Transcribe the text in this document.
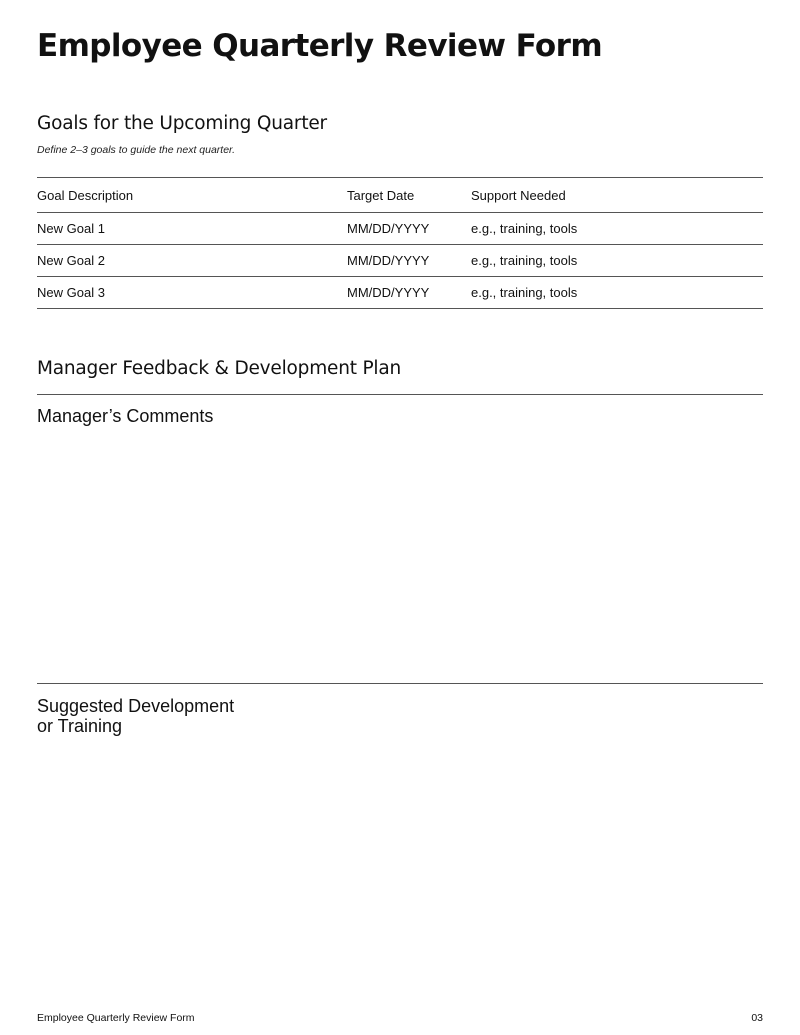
Employee Quarterly Review Form
Goals for the Upcoming Quarter

Define 2–3 goals to guide the next quarter.

Goal Description	Target Date	Support Needed
New Goal 1	MM/DD/YYYY	e.g., training, tools
New Goal 2	MM/DD/YYYY	e.g., training, tools
New Goal 3	MM/DD/YYYY	e.g., training, tools
Manager Feedback & Development Plan
Manager’s Comments
Suggested Development
or Training
Employee Quarterly Review Form	03
